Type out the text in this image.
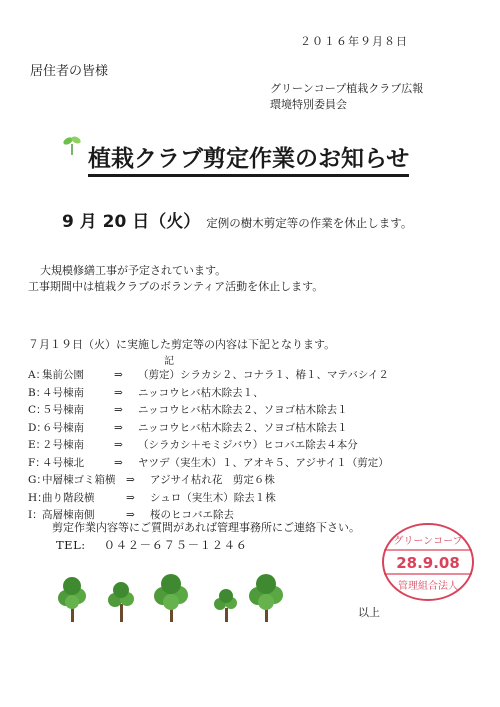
２０１６年９月８日
居住者の皆様
グリーンコープ植栽クラブ広報
環境特別委員会
植栽クラブ剪定作業のお知らせ
9 月 20 日（火） 定例の樹木剪定等の作業を休止します。
大規模修繕工事が予定されています。
工事期間中は植栽クラブのボランティア活動を休止します。
７月１９日（火）に実施した剪定等の内容は下記となります。
記
A：集前公園	⇒ （剪定）シラカシ２、コナラ１、椿１、マテバシイ２
B：４号棟南	⇒ ニッコウヒバ枯木除去１、
C：５号棟南	⇒ ニッコウヒバ枯木除去２、ソヨゴ枯木除去１
D：６号棟南	⇒ ニッコウヒバ枯木除去２、ソヨゴ枯木除去１
E：２号棟南	⇒ （シラカシ＋モミジバウ）ヒコバエ除去４本分
F：４号棟北	⇒ ヤツデ（実生木）１、アオキ５、アジサイ１（剪定）
G：中層棟ゴミ箱横 ⇒ アジサイ枯れ花　剪定６株
H：曲り階段横	⇒ シュロ（実生木）除去１株
I：高層棟南側	⇒ 桜のヒコバエ除去
剪定作業内容等にご質問があれば管理事務所にご連絡下さい。
TEL: ０４２－６７５－１２４６
以上
グリーンコープ
28.9.08
管理組合法人
